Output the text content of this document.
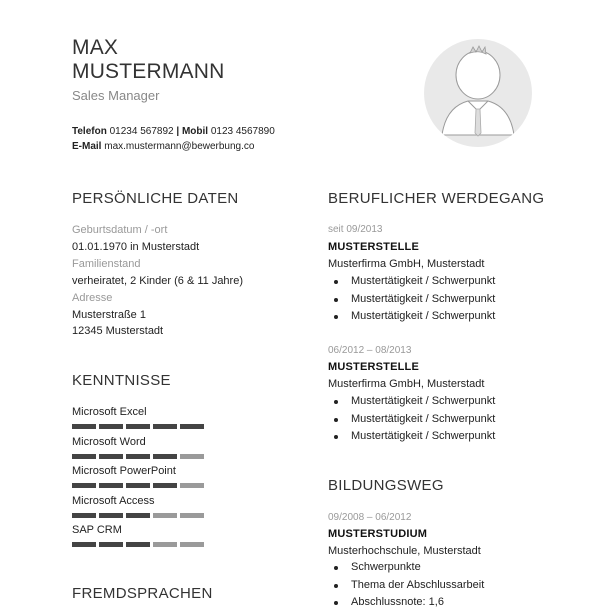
MAX
MUSTERMANN
Sales Manager
Telefon 01234 567892 | Mobil 0123 4567890
E-Mail max.mustermann@bewerbung.co
PERSÖNLICHE DATEN
Geburtsdatum / -ort
01.01.1970 in Musterstadt
Familienstand
verheiratet, 2 Kinder (6 & 11 Jahre)
Adresse
Musterstraße 1
12345 Musterstadt
KENNTNISSE
Microsoft Excel
Microsoft Word
Microsoft PowerPoint
Microsoft Access
SAP CRM
FREMDSPRACHEN
BERUFLICHER WERDEGANG
seit 09/2013
MUSTERSTELLE
Musterfirma GmbH, Musterstadt
Mustertätigkeit / Schwerpunkt
Mustertätigkeit / Schwerpunkt
Mustertätigkeit / Schwerpunkt
06/2012 – 08/2013
MUSTERSTELLE
Musterfirma GmbH, Musterstadt
Mustertätigkeit / Schwerpunkt
Mustertätigkeit / Schwerpunkt
Mustertätigkeit / Schwerpunkt
BILDUNGSWEG
09/2008 – 06/2012
MUSTERSTUDIUM
Musterhochschule, Musterstadt
Schwerpunkte
Thema der Abschlussarbeit
Abschlussnote: 1,6
